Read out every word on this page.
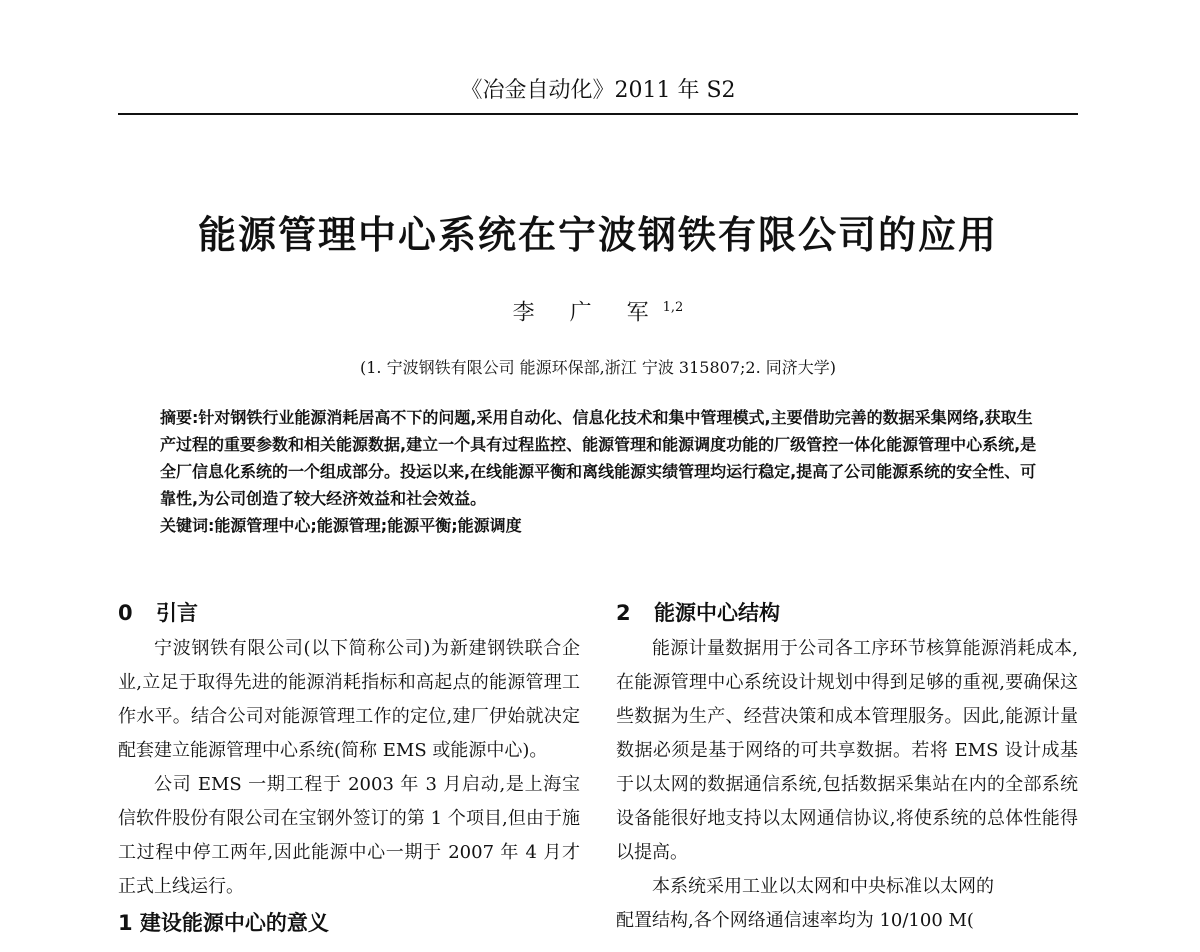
《冶金自动化》2011 年 S2
能源管理中心系统在宁波钢铁有限公司的应用
李 广 军$^{1,2}$
(1. 宁波钢铁有限公司 能源环保部,浙江 宁波 315807;2. 同济大学)

摘要:针对钢铁行业能源消耗居高不下的问题,采用自动化、信息化技术和集中管理模式,主要借助完善的数据采集网络,获取生产过程的重要参数和相关能源数据,建立一个具有过程监控、能源管理和能源调度功能的厂级管控一体化能源管理中心系统,是全厂信息化系统的一个组成部分。投运以来,在线能源平衡和离线能源实绩管理均运行稳定,提高了公司能源系统的安全性、可靠性,为公司创造了较大经济效益和社会效益。

关键词:能源管理中心;能源管理;能源平衡;能源调度

0 引言

宁波钢铁有限公司(以下简称公司)为新建钢铁联合企业,立足于取得先进的能源消耗指标和高起点的能源管理工作水平。结合公司对能源管理工作的定位,建厂伊始就决定配套建立能源管理中心系统(简称 EMS 或能源中心)。

公司 EMS 一期工程于 2003 年 3 月启动,是上海宝信软件股份有限公司在宝钢外签订的第 1 个项目,但由于施工过程中停工两年,因此能源中心一期于 2007 年 4 月才正式上线运行。

1 建设能源中心的意义
2 能源中心结构

能源计量数据用于公司各工序环节核算能源消耗成本,在能源管理中心系统设计规划中得到足够的重视,要确保这些数据为生产、经营决策和成本管理服务。因此,能源计量数据必须是基于网络的可共享数据。若将 EMS 设计成基于以太网的数据通信系统,包括数据采集站在内的全部系统设备能很好地支持以太网通信协议,将使系统的总体性能得以提高。

本系统采用工业以太网和中央标准以太网的

配置结构,各个网络通信速率均为 10/100 M(
